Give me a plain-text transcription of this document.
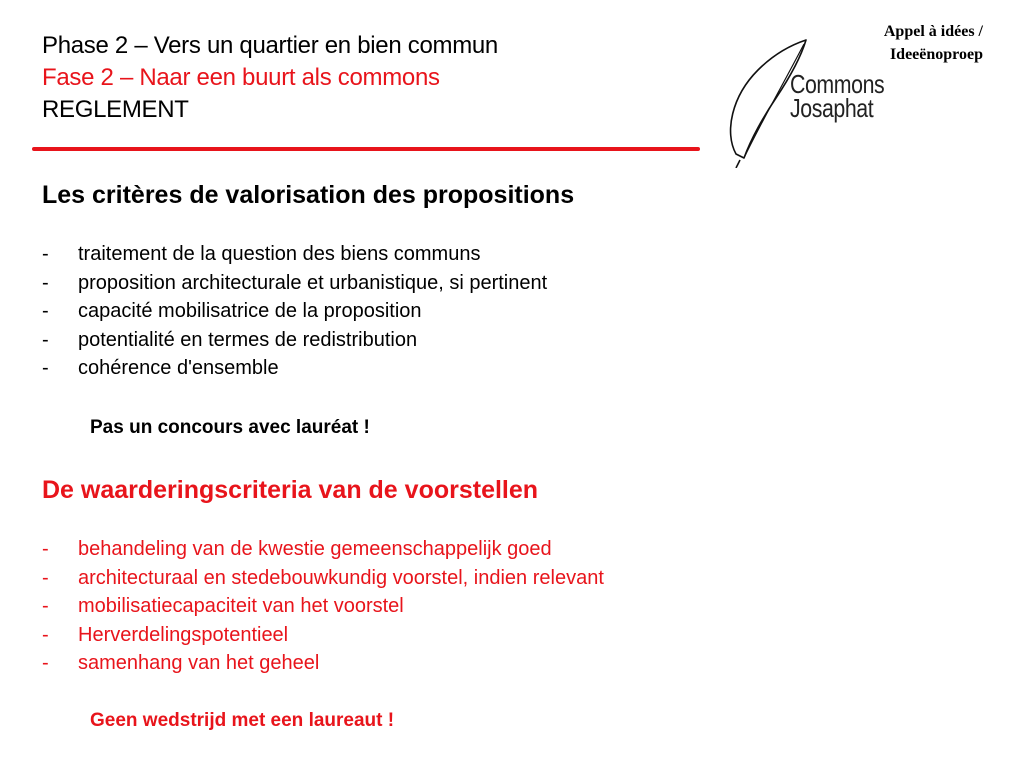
Phase 2 – Vers un quartier en bien commun
Fase 2 – Naar een buurt als commons
REGLEMENT
Appel à idées /
Ideeënoproep
Commons
Josaphat
Les critères de valorisation des propositions
- traitement de la question des biens communs
- proposition architecturale et urbanistique, si pertinent
- capacité mobilisatrice de la proposition
- potentialité en termes de redistribution
- cohérence d'ensemble
Pas un concours avec lauréat !
De waarderingscriteria van de voorstellen
- behandeling van de kwestie gemeenschappelijk goed
- architecturaal en stedebouwkundig voorstel, indien relevant
- mobilisatiecapaciteit van het voorstel
- Herverdelingspotentieel
- samenhang van het geheel
Geen wedstrijd met een laureaut !
